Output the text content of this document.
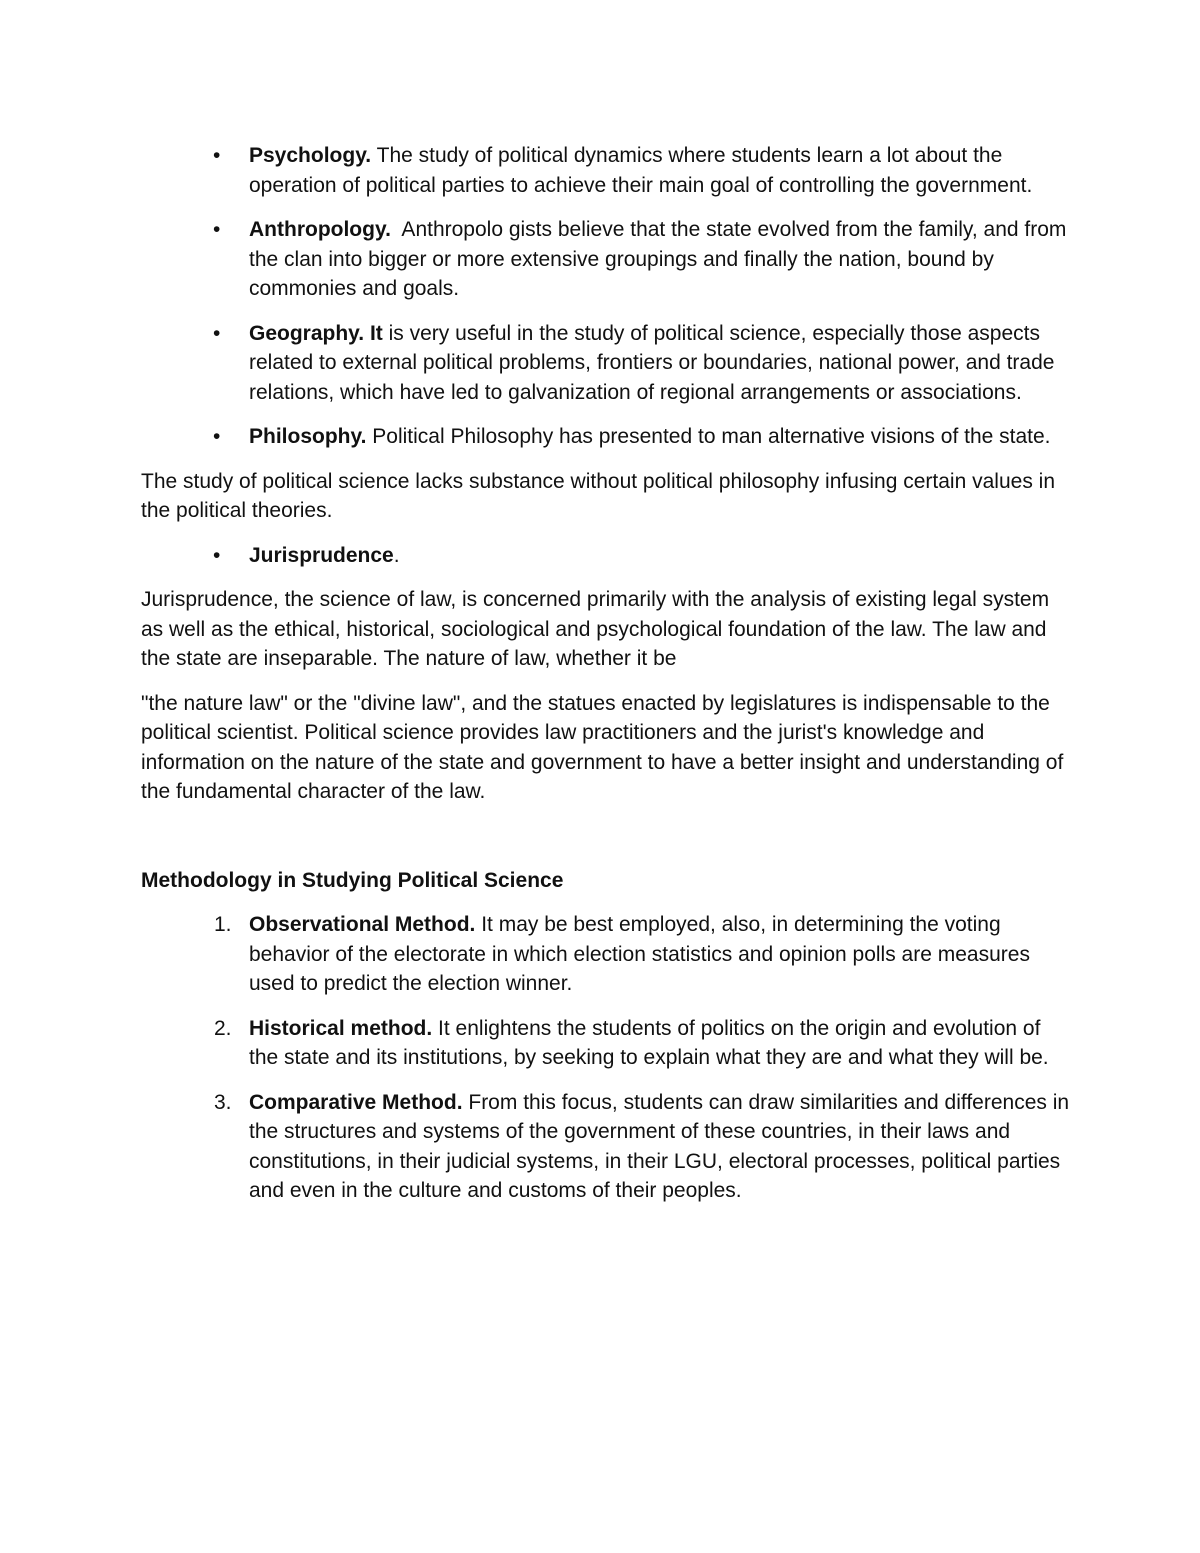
• Psychology. The study of political dynamics where students learn a lot about the operation of political parties to achieve their main goal of controlling the government.
• Anthropology.  Anthropolo gists believe that the state evolved from the family, and from the clan into bigger or more extensive groupings and finally the nation, bound by commonies and goals.
• Geography. It is very useful in the study of political science, especially those aspects related to external political problems, frontiers or boundaries, national power, and trade relations, which have led to galvanization of regional arrangements or associations.
• Philosophy. Political Philosophy has presented to man alternative visions of the state.

The study of political science lacks substance without political philosophy infusing certain values in the political theories.

• Jurisprudence.

Jurisprudence, the science of law, is concerned primarily with the analysis of existing legal system as well as the ethical, historical, sociological and psychological foundation of the law. The law and the state are inseparable. The nature of law, whether it be

"the nature law" or the "divine law", and the statues enacted by legislatures is indispensable to the political scientist. Political science provides law practitioners and the jurist's knowledge and information on the nature of the state and government to have a better insight and understanding of the fundamental character of the law.

Methodology in Studying Political Science

1. Observational Method. It may be best employed, also, in determining the voting behavior of the electorate in which election statistics and opinion polls are measures used to predict the election winner.
2. Historical method. It enlightens the students of politics on the origin and evolution of the state and its institutions, by seeking to explain what they are and what they will be.
3. Comparative Method. From this focus, students can draw similarities and differences in the structures and systems of the government of these countries, in their laws and constitutions, in their judicial systems, in their LGU, electoral processes, political parties and even in the culture and customs of their peoples.
